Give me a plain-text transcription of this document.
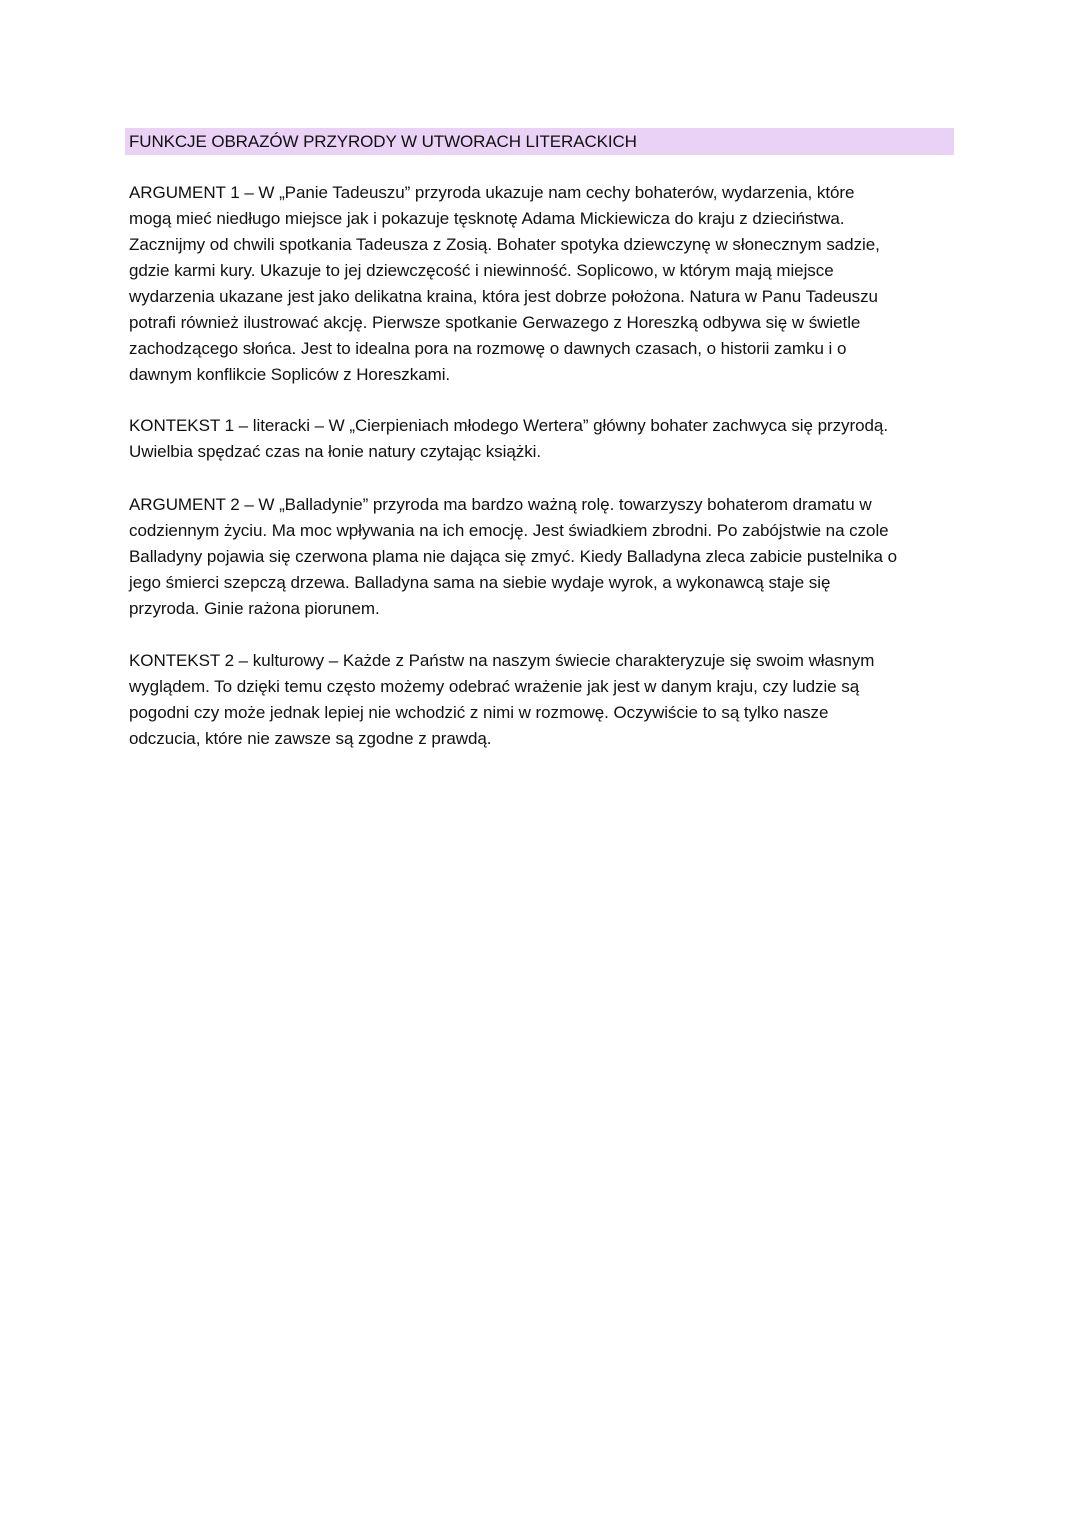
FUNKCJE OBRAZÓW PRZYRODY W UTWORACH LITERACKICH
ARGUMENT 1 – W „Panie Tadeuszu” przyroda ukazuje nam cechy bohaterów, wydarzenia, które
mogą mieć niedługo miejsce jak i pokazuje tęsknotę Adama Mickiewicza do kraju z dzieciństwa.
Zacznijmy od chwili spotkania Tadeusza z Zosią. Bohater spotyka dziewczynę w słonecznym sadzie,
gdzie karmi kury. Ukazuje to jej dziewczęcość i niewinność. Soplicowo, w którym mają miejsce
wydarzenia ukazane jest jako delikatna kraina, która jest dobrze położona. Natura w Panu Tadeuszu
potrafi również ilustrować akcję. Pierwsze spotkanie Gerwazego z Horeszką odbywa się w świetle
zachodzącego słońca. Jest to idealna pora na rozmowę o dawnych czasach, o historii zamku i o
dawnym konflikcie Sopliców z Horeszkami.
KONTEKST 1 – literacki – W „Cierpieniach młodego Wertera” główny bohater zachwyca się przyrodą.
Uwielbia spędzać czas na łonie natury czytając książki.
ARGUMENT 2 – W „Balladynie” przyroda ma bardzo ważną rolę. towarzyszy bohaterom dramatu w
codziennym życiu. Ma moc wpływania na ich emocję. Jest świadkiem zbrodni. Po zabójstwie na czole
Balladyny pojawia się czerwona plama nie dająca się zmyć. Kiedy Balladyna zleca zabicie pustelnika o
jego śmierci szepczą drzewa. Balladyna sama na siebie wydaje wyrok, a wykonawcą staje się
przyroda. Ginie rażona piorunem.
KONTEKST 2 – kulturowy – Każde z Państw na naszym świecie charakteryzuje się swoim własnym
wyglądem. To dzięki temu często możemy odebrać wrażenie jak jest w danym kraju, czy ludzie są
pogodni czy może jednak lepiej nie wchodzić z nimi w rozmowę. Oczywiście to są tylko nasze
odczucia, które nie zawsze są zgodne z prawdą.
